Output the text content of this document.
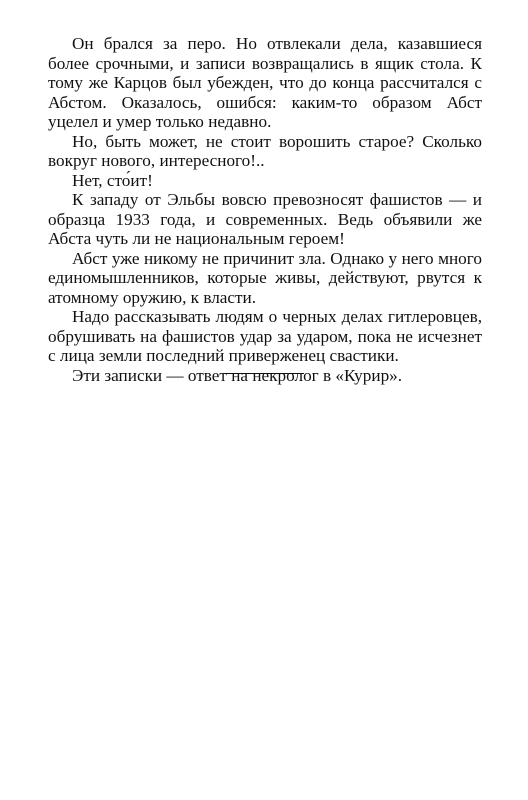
Он брался за перо. Но отвлекали дела, казавшиеся более срочными, и записи возвращались в ящик стола. К тому же Карцов был убежден, что до конца рассчитался с Абстом. Оказалось, ошибся: каким-то образом Абст уцелел и умер только недавно.

Но, быть может, не стоит ворошить старое? Сколько вокруг нового, интересного!..

Нет, сто́ит!

К западу от Эльбы вовсю превозносят фашистов — и образца 1933 года, и современных. Ведь объявили же Абста чуть ли не национальным героем!

Абст уже никому не причинит зла. Однако у него много единомышленников, которые живы, действуют, рвутся к атомному оружию, к власти.

Надо рассказывать людям о черных делах гитлеровцев, обрушивать на фашистов удар за ударом, пока не исчезнет с лица земли последний приверженец свастики.

Эти записки — ответ на некролог в «Курир».
